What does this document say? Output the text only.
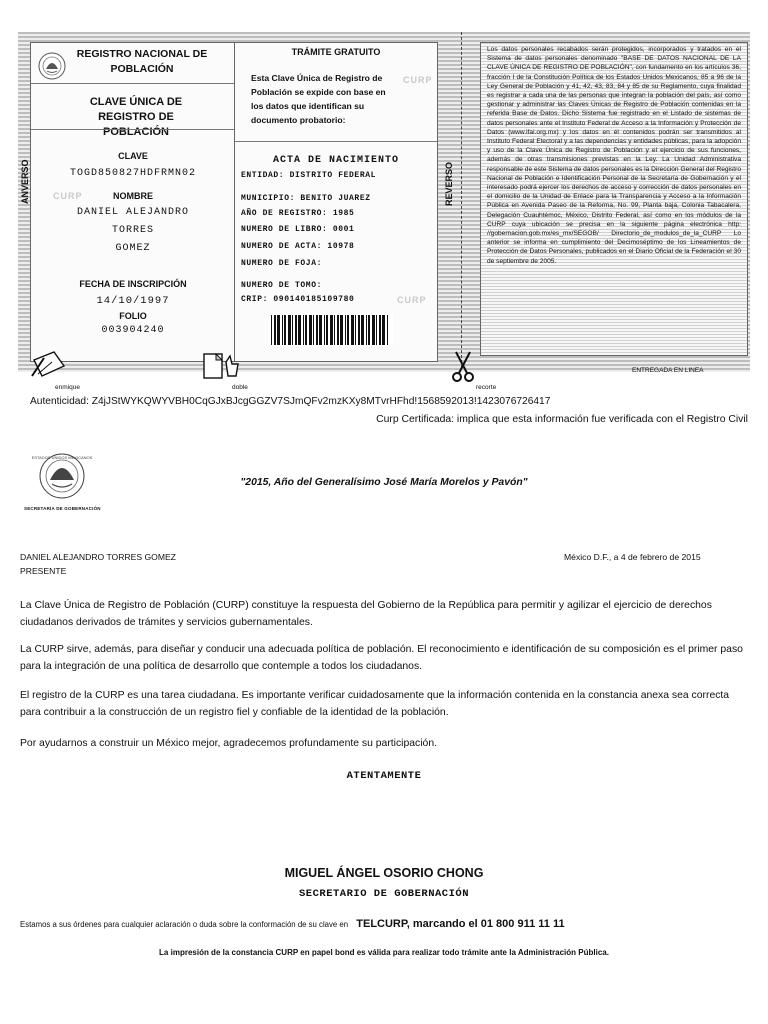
REGISTRO NACIONAL DE POBLACIÓN
CLAVE ÚNICA DE REGISTRO DE POBLACIÓN
CLAVE
TOGD850827HDFRMN02
NOMBRE
DANIEL ALEJANDRO
TORRES
GOMEZ
FECHA DE INSCRIPCIÓN
14/10/1997
FOLIO
003904240
CURP
ANVERSO
TRÁMITE GRATUITO
Esta Clave Única de Registro de Población se expide con base en los datos que identifican su documento probatorio:
CURP
ACTA DE NACIMIENTO
ENTIDAD: DISTRITO FEDERAL
MUNICIPIO: BENITO JUAREZ
AÑO DE REGISTRO: 1985
NUMERO DE LIBRO: 0001
NUMERO DE ACTA: 10978
NUMERO DE FOJA:
NUMERO DE TOMO:
CRIP: 090140185109780	CURP
REVERSO
Los datos personales recabados serán protegidos, incorporados y tratados en el Sistema de datos personales denominado "BASE DE DATOS NACIONAL DE LA CLAVE ÚNICA DE REGISTRO DE POBLACIÓN", con fundamento en los artículos 36, fracción I de la Constitución Política de los Estados Unidos Mexicanos, 85 a 96 de la Ley General de Población y 41, 42, 43, 83, 84 y 85 de su Reglamento, cuya finalidad es registrar a cada una de las personas que integran la población del país, así como gestionar y administrar las Claves Únicas de Registro de Población contenidas en la referida Base de Datos. Dicho Sistema fue registrado en el Listado de sistemas de datos personales ante el Instituto Federal de Acceso a la Información y Protección de Datos (www.ifai.org.mx) y los datos en él contenidos podrán ser transmitidos al Instituto Federal Electoral y a las dependencias y entidades públicas, para la adopción y uso de la Clave Única de Registro de Población y el ejercicio de sus funciones, además de otras transmisiones previstas en la Ley. La Unidad Administrativa responsable de este Sistema de datos personales es la Dirección General del Registro Nacional de Población e Identificación Personal de la Secretaría de Gobernación y el interesado podrá ejercer los derechos de acceso y corrección de datos personales en el domicilio de la Unidad de Enlace para la Transparencia y Acceso a la Información Pública en Avenida Paseo de la Reforma, No. 99, Planta baja, Colonia Tabacalera, Delegación Cuauhtémoc, México, Distrito Federal, así como en los módulos de la CURP cuya ubicación se precisa en la siguiente página electrónica http: //gobernacion.gob.mx/es_mx/SEGOB/ Directorio_de_modulos_de_la_CURP Lo anterior se informa en cumplimiento del Decimoséptimo de los Lineamientos de Protección de Datos Personales, publicados en el Diario Oficial de la Federación el 30 de septiembre de 2005.
ENTREGADA EN LINEA
enmique	doble	recorte
Autenticidad: Z4jJStWYKQWYVBH0CqGJxBJcgGGZV7SJmQFv2mzKXy8MTvrHFhd!1568592013!1423076726417
Curp Certificada: implica que esta información fue verificada con el Registro Civil
ESTADOS UNIDOS MEXICANOS
SECRETARÍA DE GOBERNACIÓN
"2015, Año del Generalísimo José María Morelos y Pavón"
DANIEL ALEJANDRO TORRES GOMEZ
PRESENTE
México D.F., a 4 de febrero de 2015
La Clave Única de Registro de Población (CURP) constituye la respuesta del Gobierno de la República para permitir y agilizar el ejercicio de derechos ciudadanos derivados de trámites y servicios gubernamentales.
La CURP sirve, además, para diseñar y conducir una adecuada política de población. El reconocimiento e identificación de su composición es el primer paso para la integración de una política de desarrollo que contemple a todos los ciudadanos.
El registro de la CURP es una tarea ciudadana. Es importante verificar cuidadosamente que la información contenida en la constancia anexa sea correcta para contribuir a la construcción de un registro fiel y confiable de la identidad de la población.
Por ayudarnos a construir un México mejor, agradecemos profundamente su participación.
ATENTAMENTE
MIGUEL ÁNGEL OSORIO CHONG
SECRETARIO DE GOBERNACIÓN
Estamos a sus órdenes para cualquier aclaración o duda sobre la conformación de su clave en TELCURP, marcando el 01 800 911 11 11
La impresión de la constancia CURP en papel bond es válida para realizar todo trámite ante la Administración Pública.
